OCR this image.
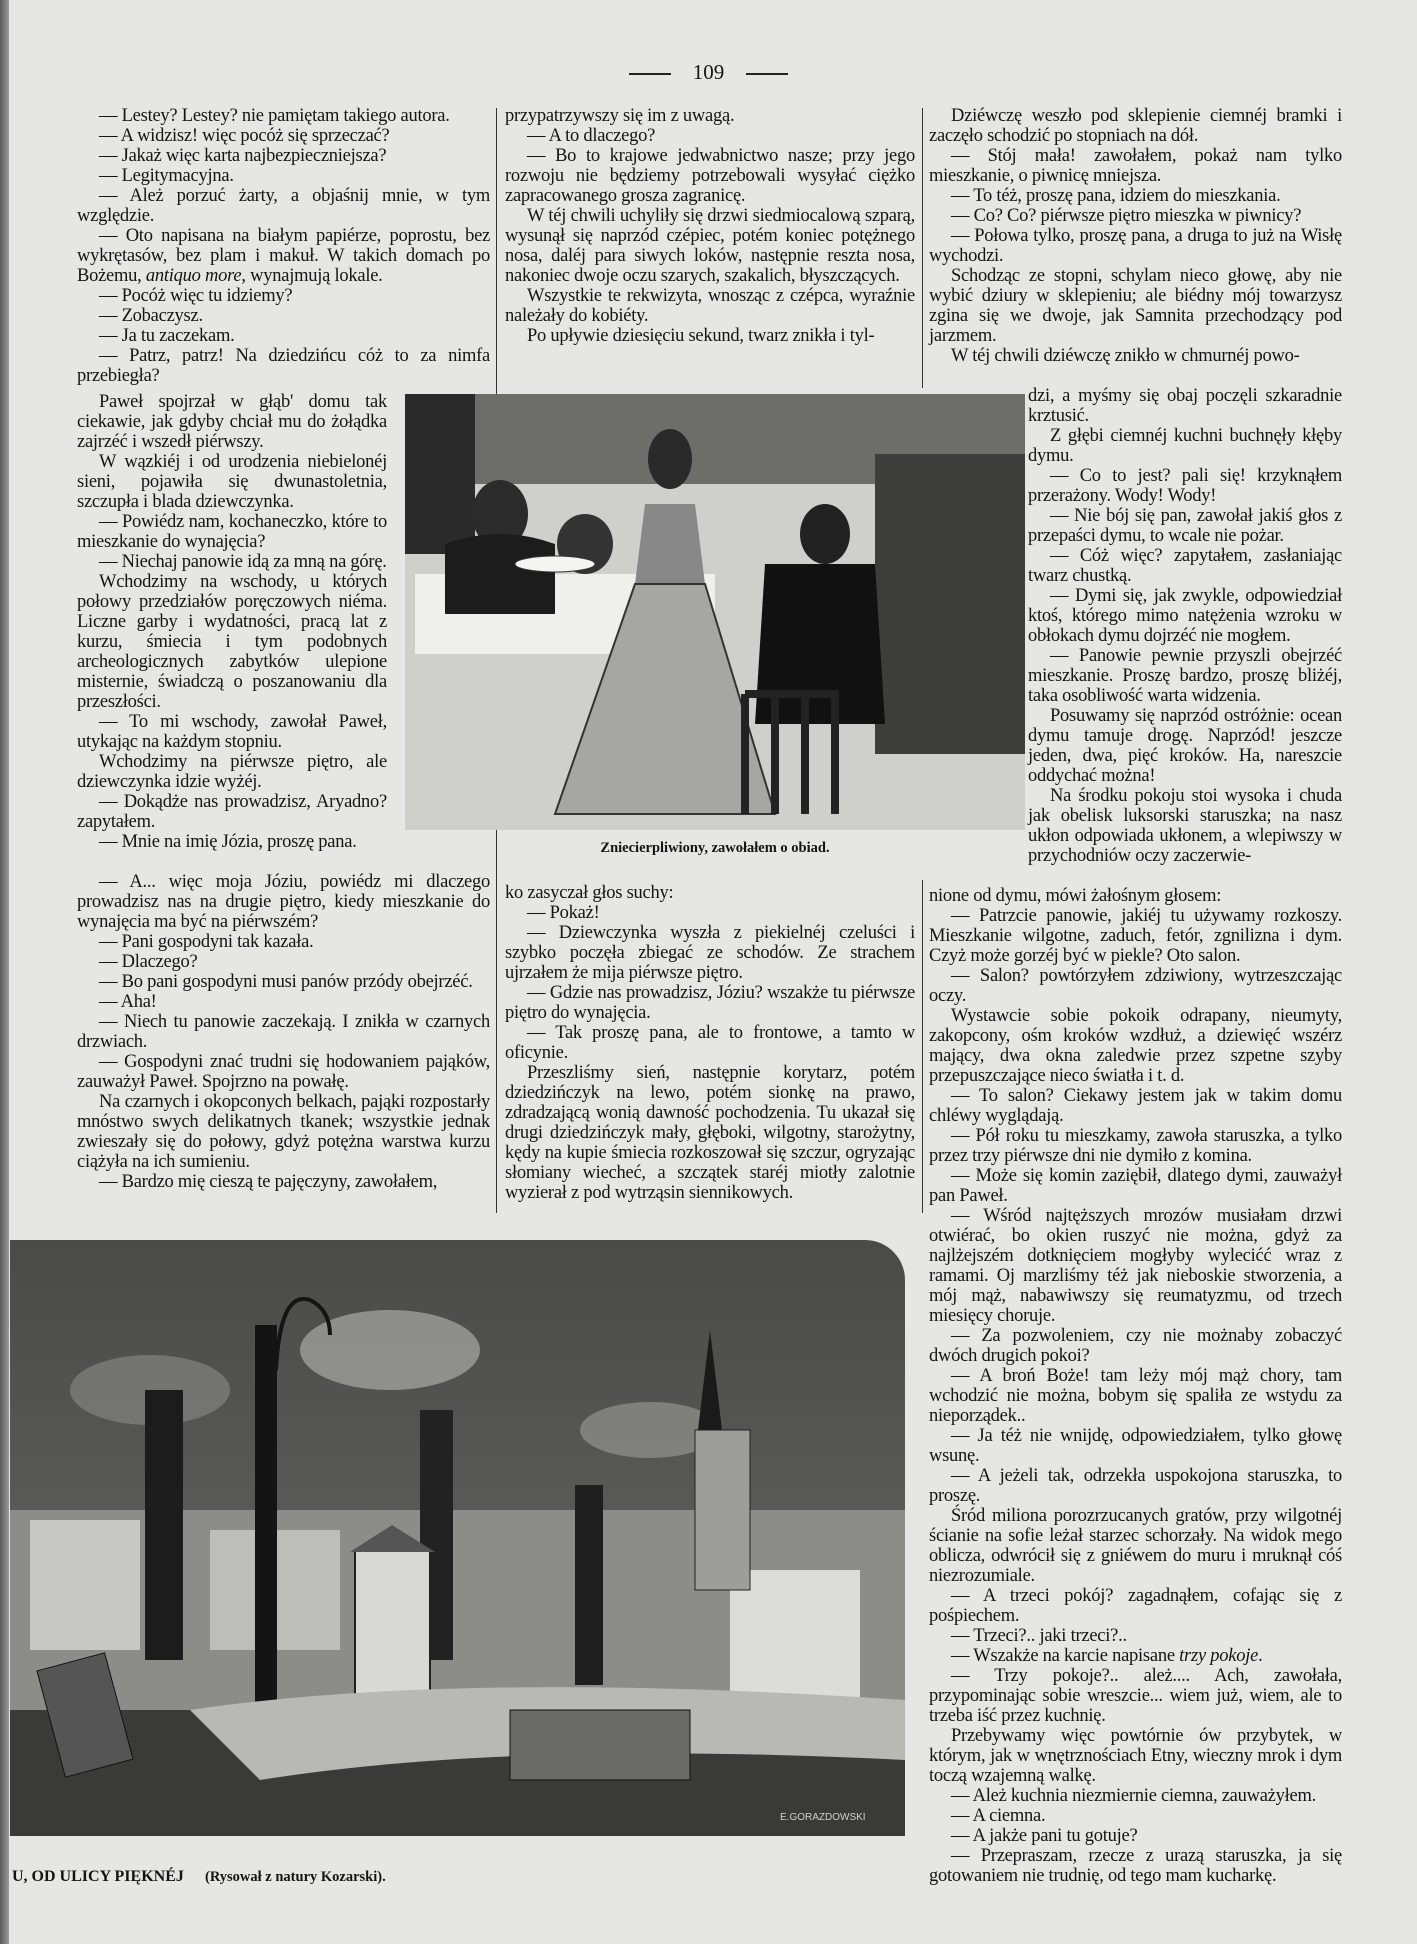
109

— Lestey? Lestey? nie pamiętam takiego autora.

— A widzisz! więc pocóż się sprzeczać?

— Jakaż więc karta najbezpieczniejsza?

— Legitymacyjna.

— Ależ porzuć żarty, a objaśnij mnie, w tym względzie.

— Oto napisana na białym papiérze, poprostu, bez wykrętasów, bez plam i makuł. W takich domach po Bożemu, antiquo more, wynajmują lokale.

— Pocóż więc tu idziemy?

— Zobaczysz.

— Ja tu zaczekam.

— Patrz, patrz! Na dziedzińcu cóż to za nimfa przebiegła?

Paweł spojrzał w głąb' domu tak ciekawie, jak gdyby chciał mu do żołądka zajrzéć i wszedł piérwszy.

W wązkiéj i od urodzenia niebielonéj sieni, pojawiła się dwunastoletnia, szczupła i blada dziewczynka.

— Powiédz nam, kochaneczko, które to mieszkanie do wynajęcia?

— Niechaj panowie idą za mną na górę.

Wchodzimy na wschody, u których połowy przedziałów poręczowych niéma. Liczne garby i wydatności, pracą lat z kurzu, śmiecia i tym podobnych archeologicznych zabytków ulepione misternie, świadczą o poszanowaniu dla przeszłości.

— To mi wschody, zawołał Paweł, utykając na każdym stopniu.

Wchodzimy na piérwsze piętro, ale dziewczynka idzie wyżéj.

— Dokądże nas prowadzisz, Aryadno? zapytałem.

— Mnie na imię Józia, proszę pana.

— A... więc moja Józiu, powiédz mi dlaczego prowadzisz nas na drugie piętro, kiedy mieszkanie do wynajęcia ma być na piérwszém?

— Pani gospodyni tak kazała.

— Dlaczego?

— Bo pani gospodyni musi panów przódy obejrzéć.

— Aha!

— Niech tu panowie zaczekają. I znikła w czarnych drzwiach.

— Gospodyni znać trudni się hodowaniem pająków, zauważył Paweł. Spojrzno na powałę.

Na czarnych i okopconych belkach, pająki rozpostarły mnóstwo swych delikatnych tkanek; wszystkie jednak zwieszały się do połowy, gdyż potężna warstwa kurzu ciążyła na ich sumieniu.

— Bardzo mię cieszą te pajęczyny, zawołałem,

przypatrzywszy się im z uwagą.

— A to dlaczego?

— Bo to krajowe jedwabnictwo nasze; przy jego rozwoju nie będziemy potrzebowali wysyłać ciężko zapracowanego grosza zagranicę.

W téj chwili uchyliły się drzwi siedmiocalową szparą, wysunął się naprzód czépiec, potém koniec potężnego nosa, daléj para siwych loków, następnie reszta nosa, nakoniec dwoje oczu szarych, szakalich, błyszczących.

Wszystkie te rekwizyta, wnosząc z czépca, wyraźnie należały do kobiéty.

Po upływie dziesięciu sekund, twarz znikła i tyl-

ko zasyczał głos suchy:

— Pokaż!

— Dziewczynka wyszła z piekielnéj czeluści i szybko poczęła zbiegać ze schodów. Ze strachem ujrzałem że mija piérwsze piętro.

— Gdzie nas prowadzisz, Józiu? wszakże tu piérwsze piętro do wynajęcia.

— Tak proszę pana, ale to frontowe, a tamto w oficynie.

Przeszliśmy sień, następnie korytarz, potém dziedzińczyk na lewo, potém sionkę na prawo, zdradzającą wonią dawność pochodzenia. Tu ukazał się drugi dziedzińczyk mały, głęboki, wilgotny, starożytny, kędy na kupie śmiecia rozkoszował się szczur, ogryzając słomiany wiecheć, a szczątek staréj miotły zalotnie wyzierał z pod wytrząsin siennikowych.

Dziéwczę weszło pod sklepienie ciemnéj bramki i zaczęło schodzić po stopniach na dół.

— Stój mała! zawołałem, pokaż nam tylko mieszkanie, o piwnicę mniejsza.

— To téż, proszę pana, idziem do mieszkania.

— Co? Co? piérwsze piętro mieszka w piwnicy?

— Połowa tylko, proszę pana, a druga to już na Wisłę wychodzi.

Schodząc ze stopni, schylam nieco głowę, aby nie wybić dziury w sklepieniu; ale biédny mój towarzysz zgina się we dwoje, jak Samnita przechodzący pod jarzmem.

W téj chwili dziéwczę znikło w chmurnéj powo-

dzi, a myśmy się obaj poczęli szkaradnie krztusić.

Z głębi ciemnéj kuchni buchnęły kłęby dymu.

— Co to jest? pali się! krzyknąłem przerażony. Wody! Wody!

— Nie bój się pan, zawołał jakiś głos z przepaści dymu, to wcale nie pożar.

— Cóż więc? zapytałem, zasłaniając twarz chustką.

— Dymi się, jak zwykle, odpowiedział ktoś, którego mimo natężenia wzroku w obłokach dymu dojrzéć nie mogłem.

— Panowie pewnie przyszli obejrzéć mieszkanie. Proszę bardzo, proszę bliżéj, taka osobliwość warta widzenia.

Posuwamy się naprzód ostróżnie: ocean dymu tamuje drogę. Naprzód! jeszcze jeden, dwa, pięć kroków. Ha, nareszcie oddychać można!

Na środku pokoju stoi wysoka i chuda jak obelisk luksorski staruszka; na nasz ukłon odpowiada ukłonem, a wlepiwszy w przychodniów oczy zaczerwie-

nione od dymu, mówi żałośnym głosem:

— Patrzcie panowie, jakiéj tu używamy rozkoszy. Mieszkanie wilgotne, zaduch, fetór, zgnilizna i dym. Czyż może gorzéj być w piekle? Oto salon.

— Salon? powtórzyłem zdziwiony, wytrzeszczając oczy.

Wystawcie sobie pokoik odrapany, nieumyty, zakopcony, ośm kroków wzdłuż, a dziewięć wszérz mający, dwa okna zaledwie przez szpetne szyby przepuszczające nieco światła i t. d.

— To salon? Ciekawy jestem jak w takim domu chléwy wyglądają.

— Pół roku tu mieszkamy, zawoła staruszka, a tylko przez trzy piérwsze dni nie dymiło z komina.

— Może się komin zaziębił, dlatego dymi, zauważył pan Paweł.

— Wśród najtęższych mrozów musiałam drzwi otwiérać, bo okien ruszyć nie można, gdyż za najlżejszém dotknięciem mogłyby wylecićć wraz z ramami. Oj marzliśmy téż jak nieboskie stworzenia, a mój mąż, nabawiwszy się reumatyzmu, od trzech miesięcy choruje.

— Za pozwoleniem, czy nie możnaby zobaczyć dwóch drugich pokoi?

— A broń Boże! tam leży mój mąż chory, tam wchodzić nie można, bobym się spaliła ze wstydu za nieporządek..

— Ja téż nie wnijdę, odpowiedziałem, tylko głowę wsunę.

— A jeżeli tak, odrzekła uspokojona staruszka, to proszę.

Śród miliona porozrzucanych gratów, przy wilgotnéj ścianie na sofie leżał starzec schorzały. Na widok mego oblicza, odwrócił się z gniéwem do muru i mruknął cóś niezrozumiale.

— A trzeci pokój? zagadnąłem, cofając się z pośpiechem.

— Trzeci?.. jaki trzeci?..

— Wszakże na karcie napisane trzy pokoje.

— Trzy pokoje?.. ależ.... Ach, zawołała, przypominając sobie wreszcie... wiem już, wiem, ale to trzeba iść przez kuchnię.

Przebywamy więc powtórnie ów przybytek, w którym, jak w wnętrznościach Etny, wieczny mrok i dym toczą wzajemną walkę.

— Ależ kuchnia niezmiernie ciemna, zauważyłem.

— A ciemna.

— A jakże pani tu gotuje?

— Przepraszam, rzecze z urazą staruszka, ja się gotowaniem nie trudnię, od tego mam kucharkę.

Zniecierpliwiony, zawołałem o obiad.
E.GORAZDOWSKI
U, OD ULICY PIĘKNÉJ (Rysował z natury Kozarski).
